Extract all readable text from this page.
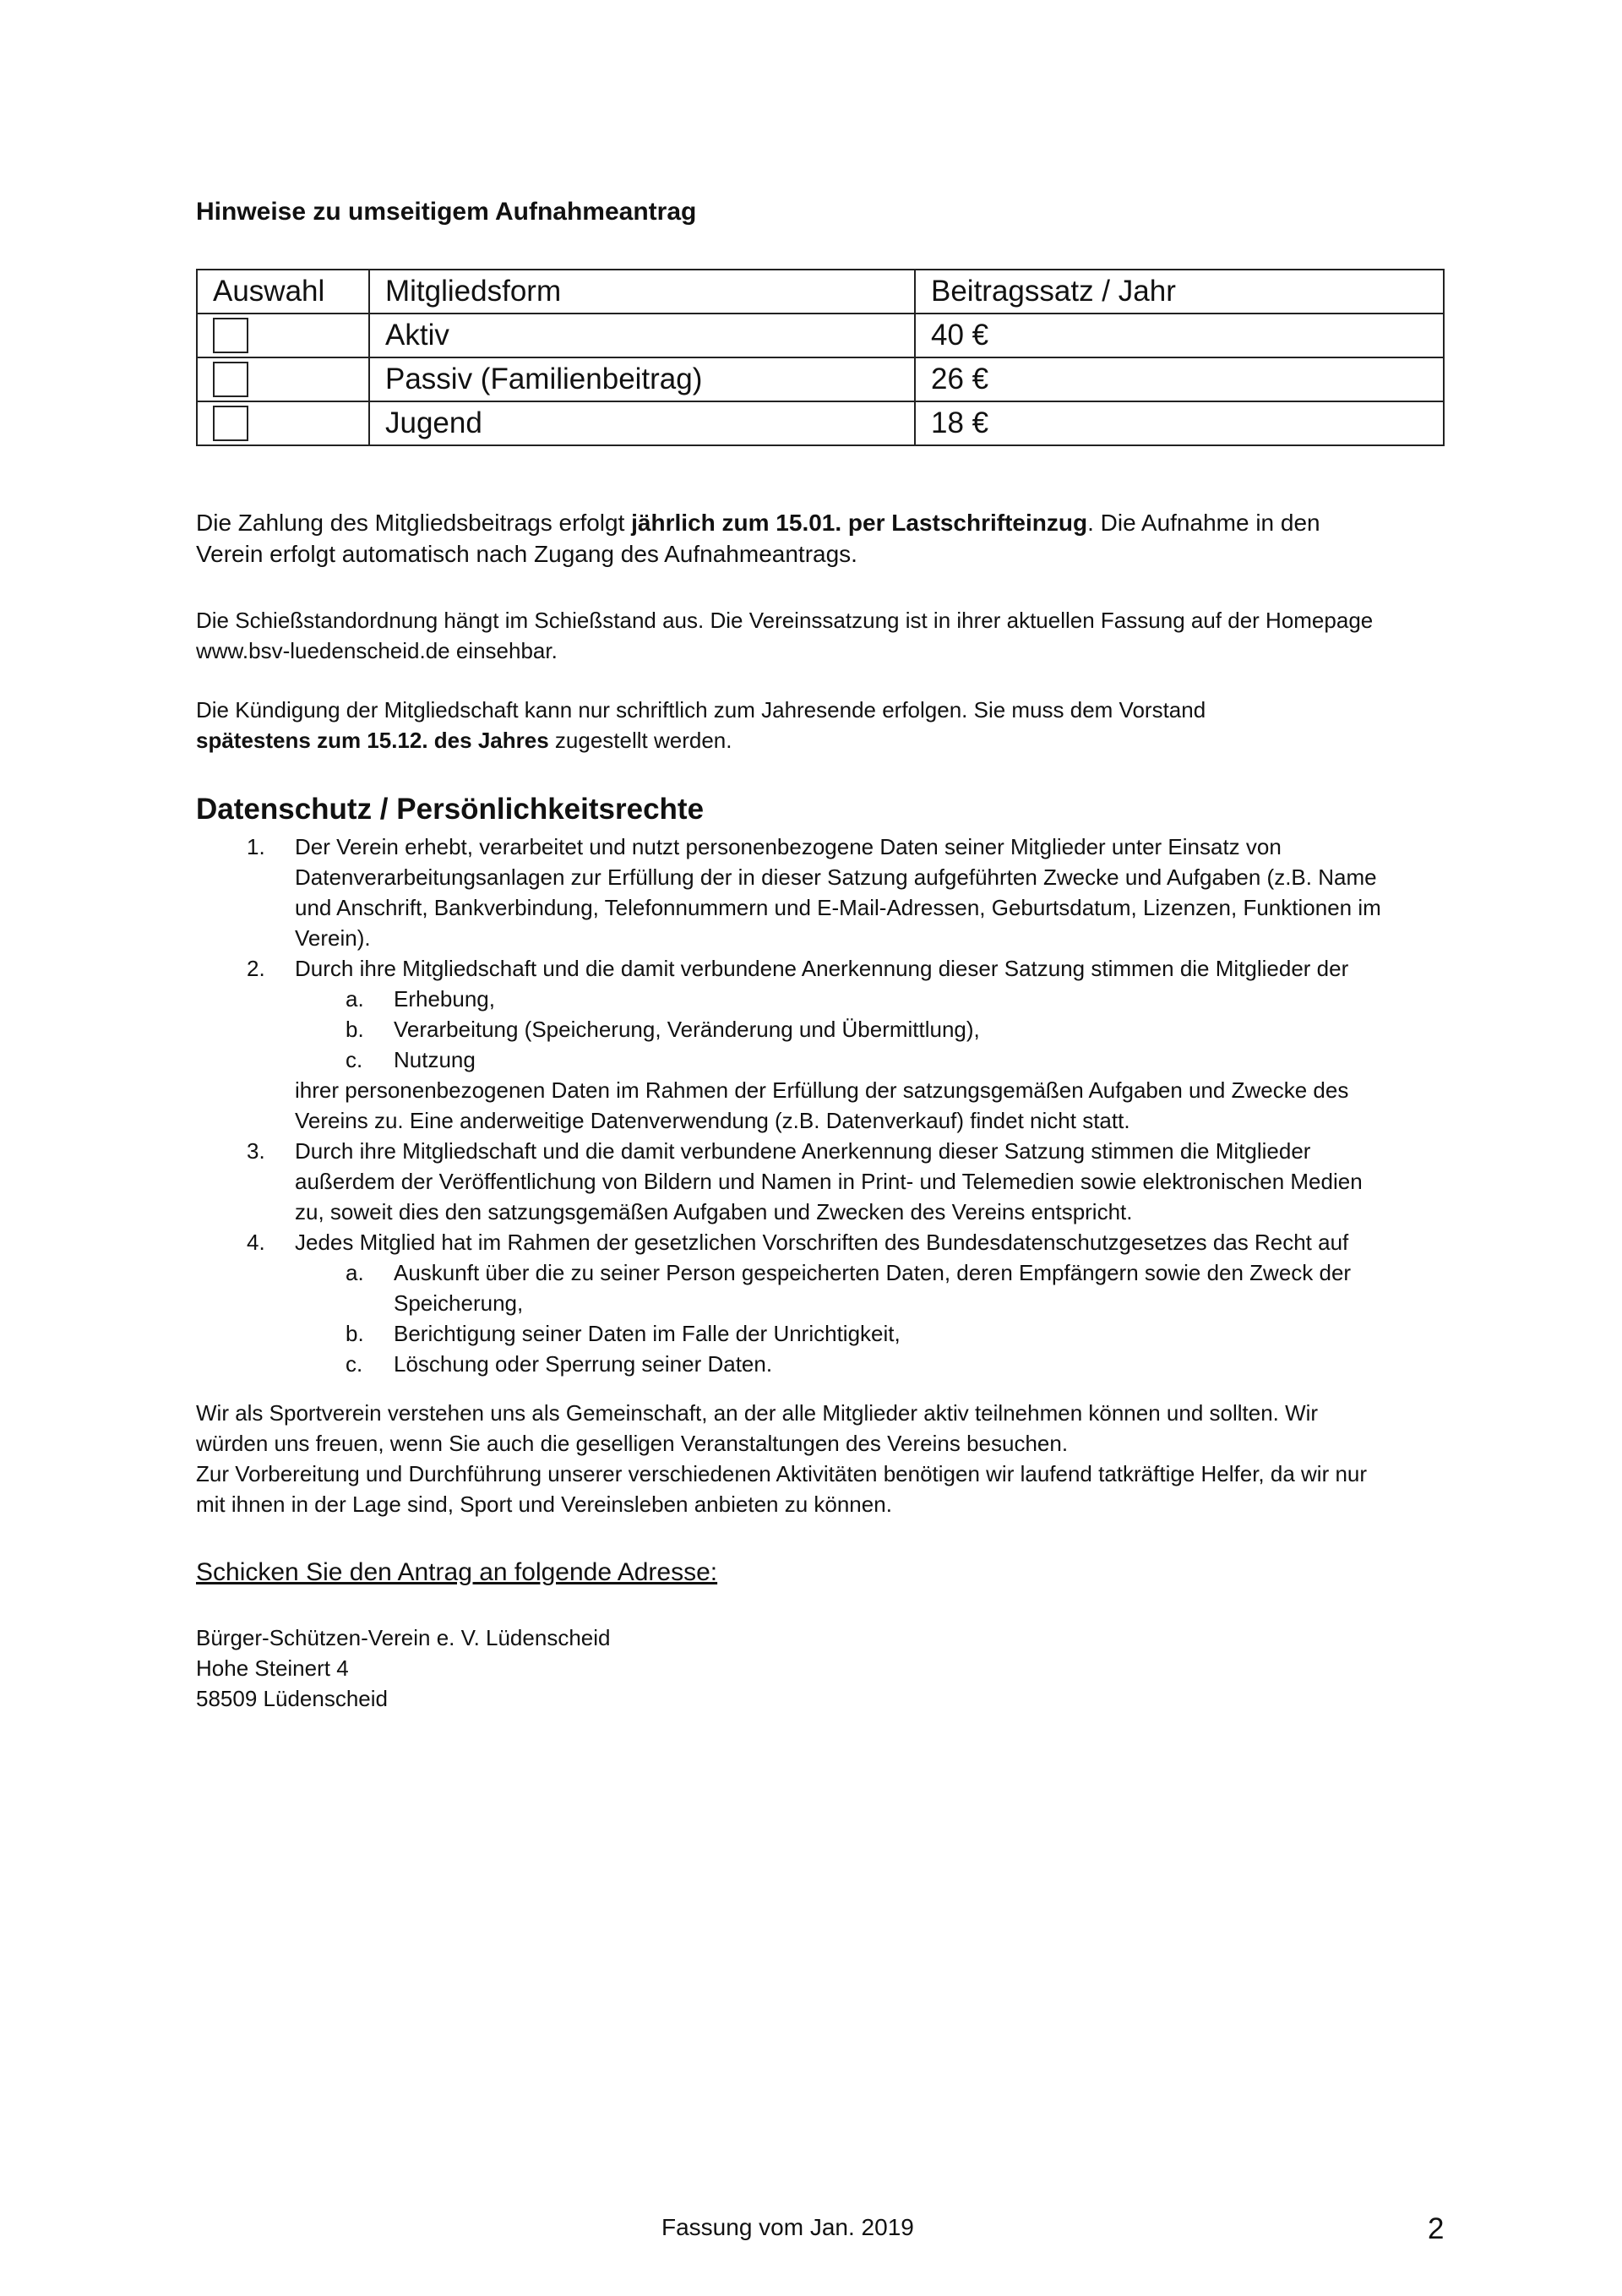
Hinweise zu umseitigem Aufnahmeantrag
Auswahl	Mitgliedsform	Beitragssatz / Jahr
	Aktiv	40 €
	Passiv (Familienbeitrag)	26 €
	Jugend	18 €

Die Zahlung des Mitgliedsbeitrags erfolgt jährlich zum 15.01. per Lastschrifteinzug. Die Aufnahme in den
Verein erfolgt automatisch nach Zugang des Aufnahmeantrags.

Die Schießstandordnung hängt im Schießstand aus. Die Vereinssatzung ist in ihrer aktuellen Fassung auf der Homepage
www.bsv-luedenscheid.de einsehbar.

Die Kündigung der Mitgliedschaft kann nur schriftlich zum Jahresende erfolgen. Sie muss dem Vorstand
spätestens zum 15.12. des Jahres zugestellt werden.

Datenschutz / Persönlichkeitsrechte
1. Der Verein erhebt, verarbeitet und nutzt personenbezogene Daten seiner Mitglieder unter Einsatz von
Datenverarbeitungsanlagen zur Erfüllung der in dieser Satzung aufgeführten Zwecke und Aufgaben (z.B. Name
und Anschrift, Bankverbindung, Telefonnummern und E-Mail-Adressen, Geburtsdatum, Lizenzen, Funktionen im
Verein).
2. Durch ihre Mitgliedschaft und die damit verbundene Anerkennung dieser Satzung stimmen die Mitglieder der
a. Erhebung,
b. Verarbeitung (Speicherung, Veränderung und Übermittlung),
c. Nutzung
ihrer personenbezogenen Daten im Rahmen der Erfüllung der satzungsgemäßen Aufgaben und Zwecke des
Vereins zu. Eine anderweitige Datenverwendung (z.B. Datenverkauf) findet nicht statt.
3. Durch ihre Mitgliedschaft und die damit verbundene Anerkennung dieser Satzung stimmen die Mitglieder
außerdem der Veröffentlichung von Bildern und Namen in Print- und Telemedien sowie elektronischen Medien
zu, soweit dies den satzungsgemäßen Aufgaben und Zwecken des Vereins entspricht.
4. Jedes Mitglied hat im Rahmen der gesetzlichen Vorschriften des Bundesdatenschutzgesetzes das Recht auf
a. Auskunft über die zu seiner Person gespeicherten Daten, deren Empfängern sowie den Zweck der
Speicherung,
b. Berichtigung seiner Daten im Falle der Unrichtigkeit,
c. Löschung oder Sperrung seiner Daten.

Wir als Sportverein verstehen uns als Gemeinschaft, an der alle Mitglieder aktiv teilnehmen können und sollten. Wir
würden uns freuen, wenn Sie auch die geselligen Veranstaltungen des Vereins besuchen.
Zur Vorbereitung und Durchführung unserer verschiedenen Aktivitäten benötigen wir laufend tatkräftige Helfer, da wir nur
mit ihnen in der Lage sind, Sport und Vereinsleben anbieten zu können.

Schicken Sie den Antrag an folgende Adresse:

Bürger-Schützen-Verein e. V. Lüdenscheid
Hohe Steinert 4
58509 Lüdenscheid
Fassung vom Jan. 2019	2
